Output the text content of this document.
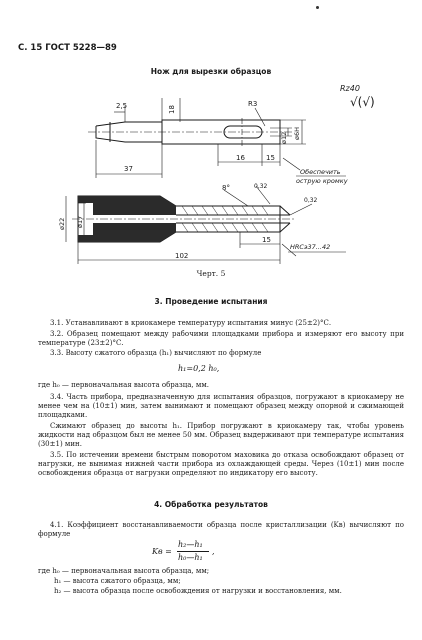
С. 15 ГОСТ 5228—89
Нож для вырезки образцов
2,5	18
R3
Rz40
√(√)
ø6Н
ø12
16	15
37	Обеспечить
острую кромку
8°	0,32
0,32
ø22 ø17
102
15
HRCэ37...42
Черт. 5
3. Проведение испытания
3.1. Устанавливают в криокамере температуру испытания минус (25±2)°С.
3.2. Образец помещают между рабочими площадками прибора и измеряют его высоту при температуре (23±2)°С.
3.3. Высоту сжатого образца (h₁) вычисляют по формуле
h₁=0,2 h₀,
где h₀ — первоначальная высота образца, мм.
3.4. Часть прибора, предназначенную для испытания образцов, погружают в криокамеру не менее чем на (10±1) мин, затем вынимают и помещают образец между опорной и сжимающей площадками.
Сжимают образец до высоты h₁. Прибор погружают в криокамеру так, чтобы уровень жидкости над образцом был не менее 50 мм. Образец выдерживают при температуре испытания (30±1) мин.
3.5. По истечении времени быстрым поворотом маховика до отказа освобождают образец от нагрузки, не вынимая нижней части прибора из охлаждающей среды. Через (10±1) мин после освобождения образца от нагрузки определяют по индикатору его высоту.
4. Обработка результатов
4.1. Коэффициент восстанавливаемости образца после кристаллизации (Kв) вычисляют по формуле
Kв =
h₂—h₁
h₀—h₁
,
где h₀ — первоначальная высота образца, мм;
h₁ — высота сжатого образца, мм;
h₂ — высота образца после освобождения от нагрузки и восстановления, мм.
